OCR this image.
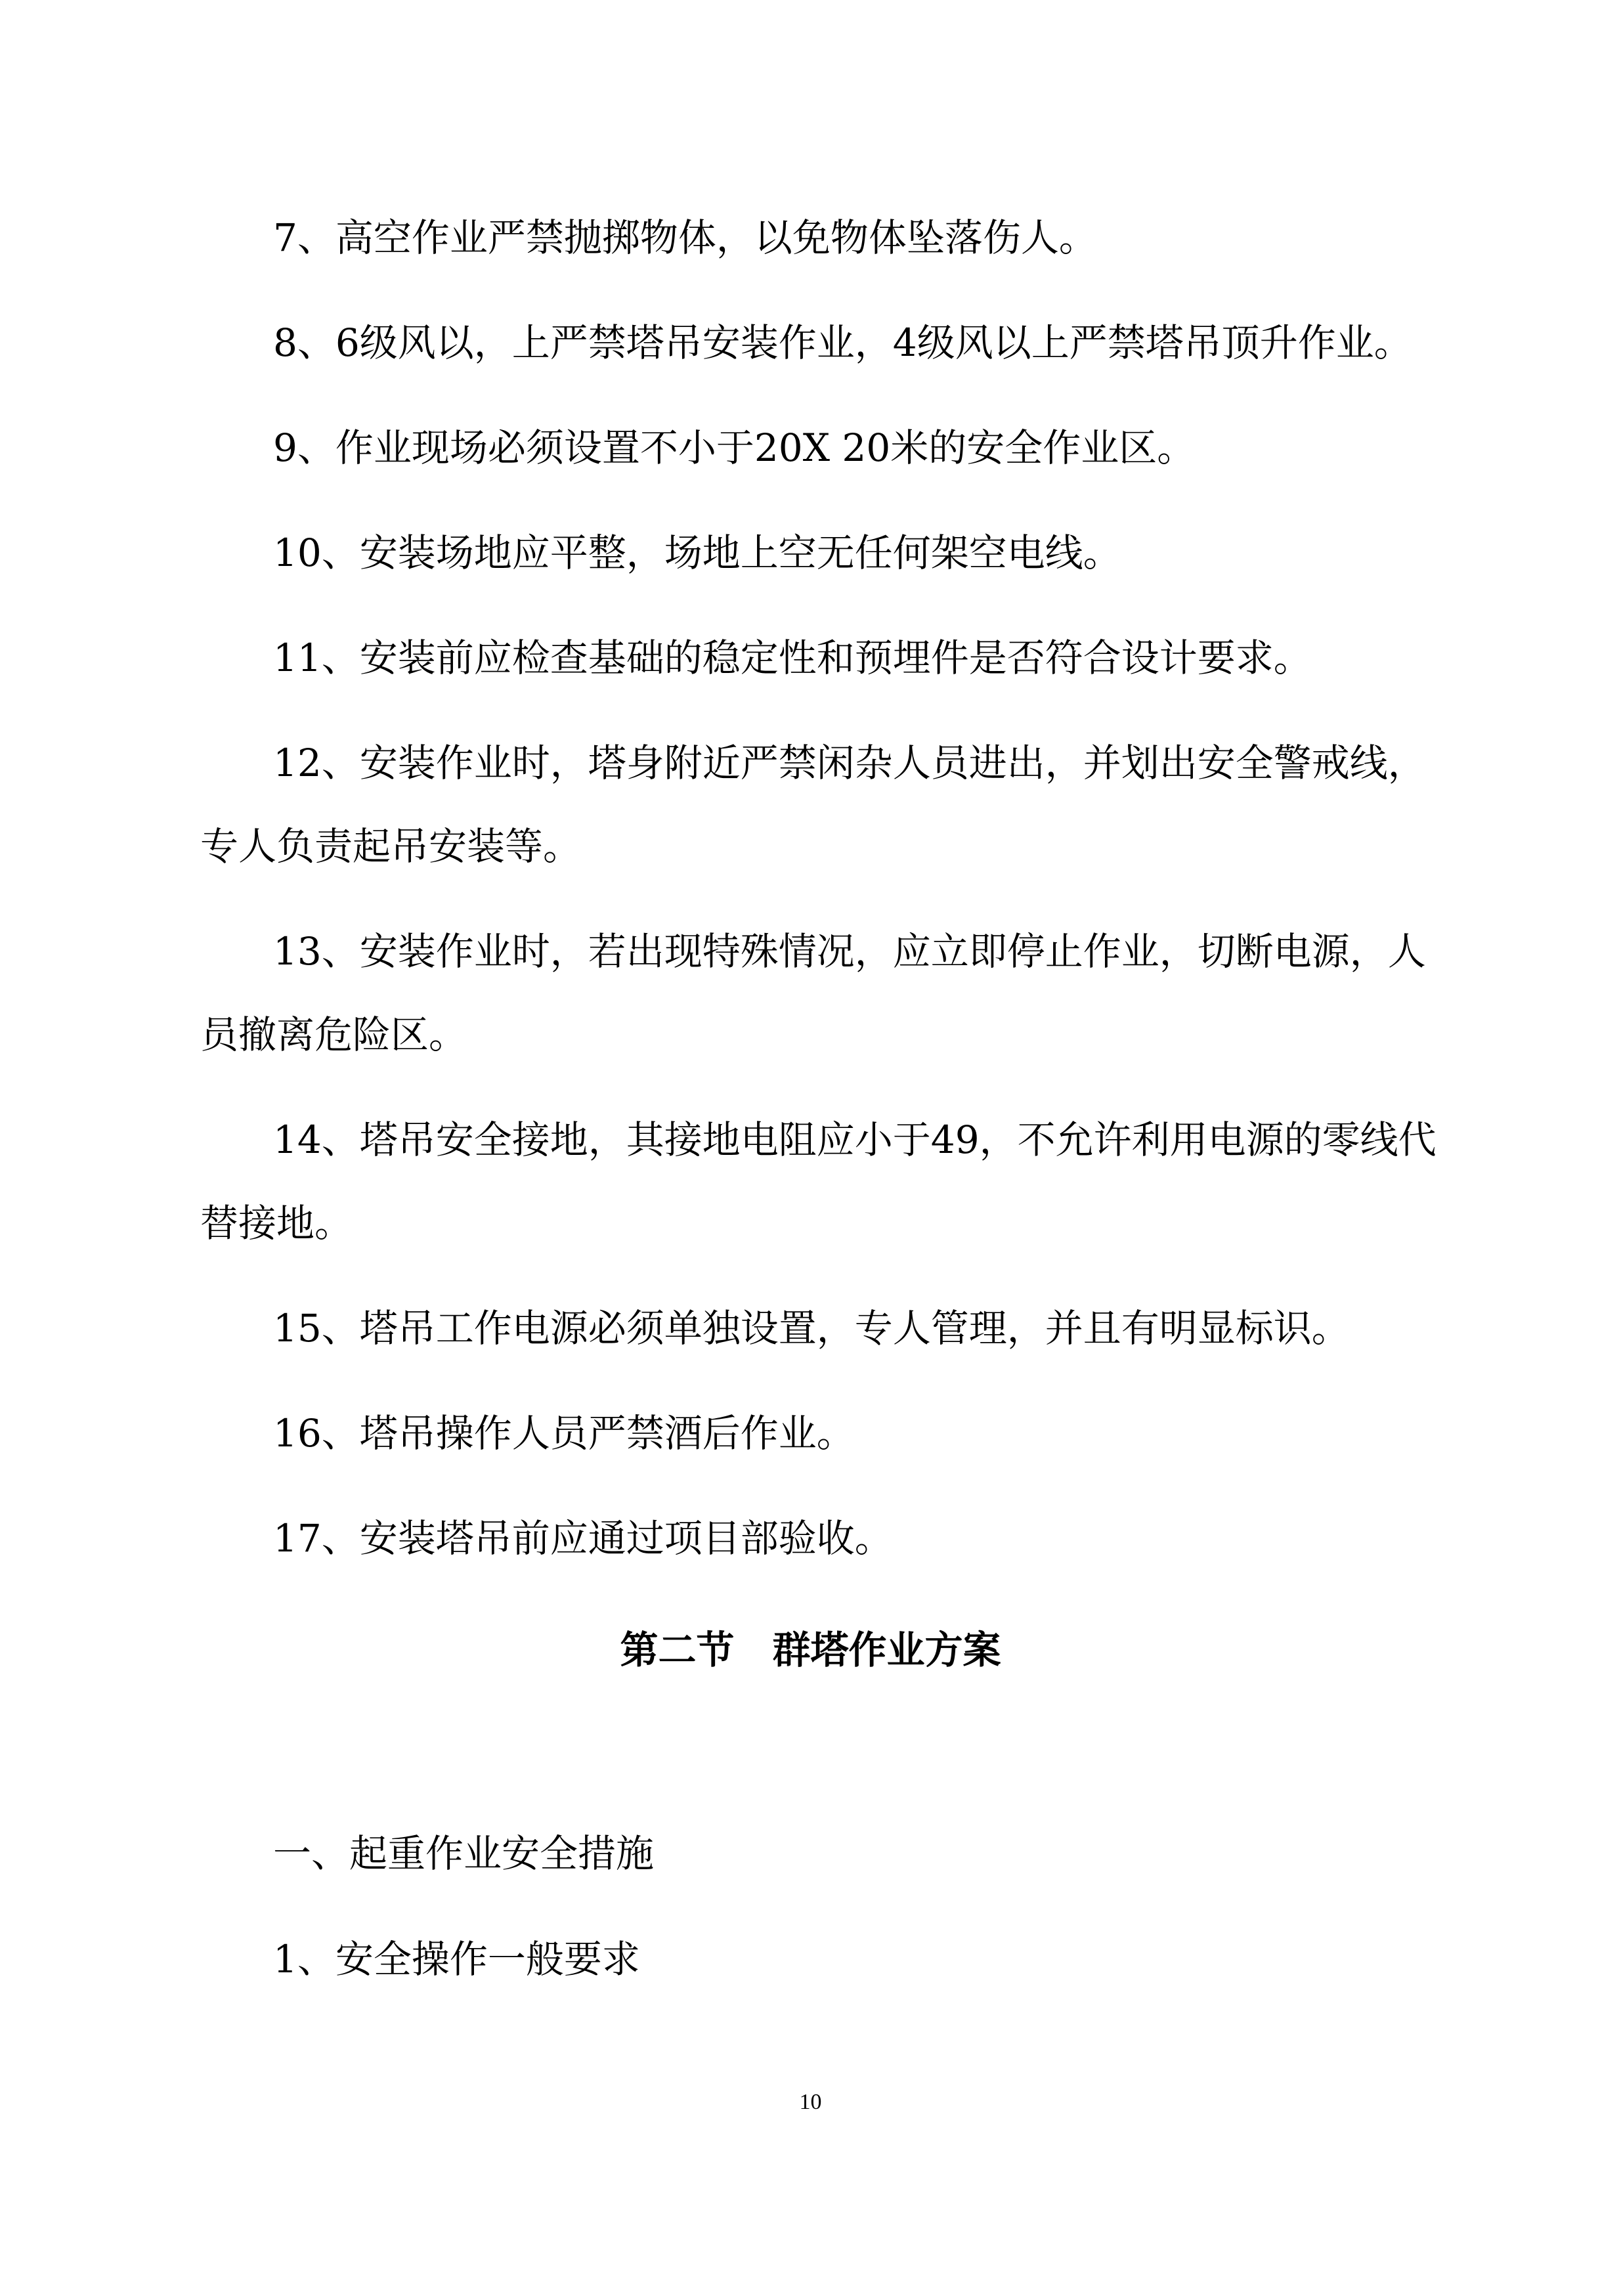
7、高空作业严禁抛掷物体，以免物体坠落伤人。
8、6级风以，上严禁塔吊安装作业，4级风以上严禁塔吊顶升作业。
9、作业现场必须设置不小于20X 20米的安全作业区。
10、安装场地应平整，场地上空无任何架空电线。
11、安装前应检查基础的稳定性和预埋件是否符合设计要求。
12、安装作业时，塔身附近严禁闲杂人员进出，并划出安全警戒线，
专人负责起吊安装等。
13、安装作业时，若出现特殊情况，应立即停止作业，切断电源，人
员撤离危险区。
14、塔吊安全接地，其接地电阻应小于49，不允许利用电源的零线代
替接地。
15、塔吊工作电源必须单独设置，专人管理，并且有明显标识。
16、塔吊操作人员严禁酒后作业。
17、安装塔吊前应通过项目部验收。
第二节　群塔作业方案
一、起重作业安全措施
1、安全操作一般要求
10
